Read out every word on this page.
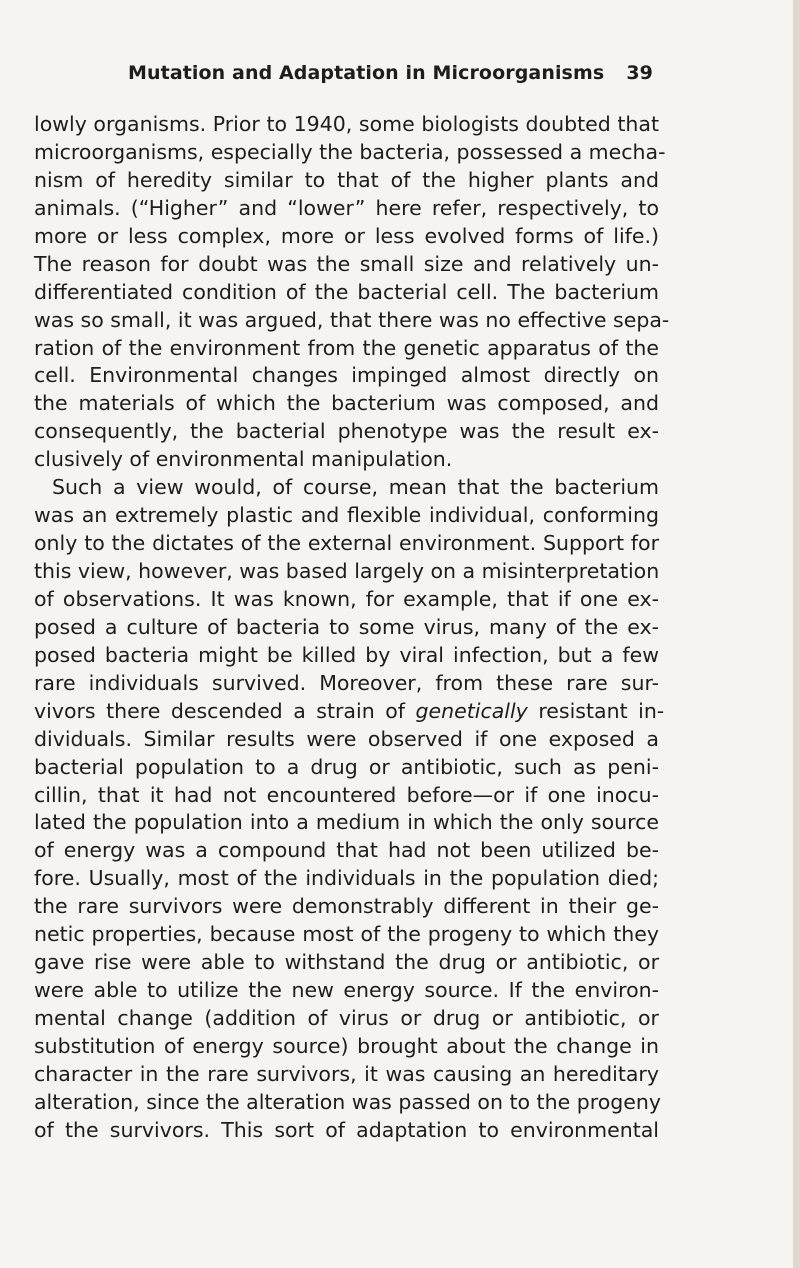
Mutation and Adaptation in Microorganisms 39
lowly organisms. Prior to 1940, some biologists doubted that
microorganisms, especially the bacteria, possessed a mecha-
nism of heredity similar to that of the higher plants and
animals. (“Higher” and “lower” here refer, respectively, to
more or less complex, more or less evolved forms of life.)
The reason for doubt was the small size and relatively un-
differentiated condition of the bacterial cell. The bacterium
was so small, it was argued, that there was no effective sepa-
ration of the environment from the genetic apparatus of the
cell. Environmental changes impinged almost directly on
the materials of which the bacterium was composed, and
consequently, the bacterial phenotype was the result ex-
clusively of environmental manipulation.
Such a view would, of course, mean that the bacterium
was an extremely plastic and flexible individual, conforming
only to the dictates of the external environment. Support for
this view, however, was based largely on a misinterpretation
of observations. It was known, for example, that if one ex-
posed a culture of bacteria to some virus, many of the ex-
posed bacteria might be killed by viral infection, but a few
rare individuals survived. Moreover, from these rare sur-
vivors there descended a strain of genetically resistant in-
dividuals. Similar results were observed if one exposed a
bacterial population to a drug or antibiotic, such as peni-
cillin, that it had not encountered before—or if one inocu-
lated the population into a medium in which the only source
of energy was a compound that had not been utilized be-
fore. Usually, most of the individuals in the population died;
the rare survivors were demonstrably different in their ge-
netic properties, because most of the progeny to which they
gave rise were able to withstand the drug or antibiotic, or
were able to utilize the new energy source. If the environ-
mental change (addition of virus or drug or antibiotic, or
substitution of energy source) brought about the change in
character in the rare survivors, it was causing an hereditary
alteration, since the alteration was passed on to the progeny
of the survivors. This sort of adaptation to environmental
